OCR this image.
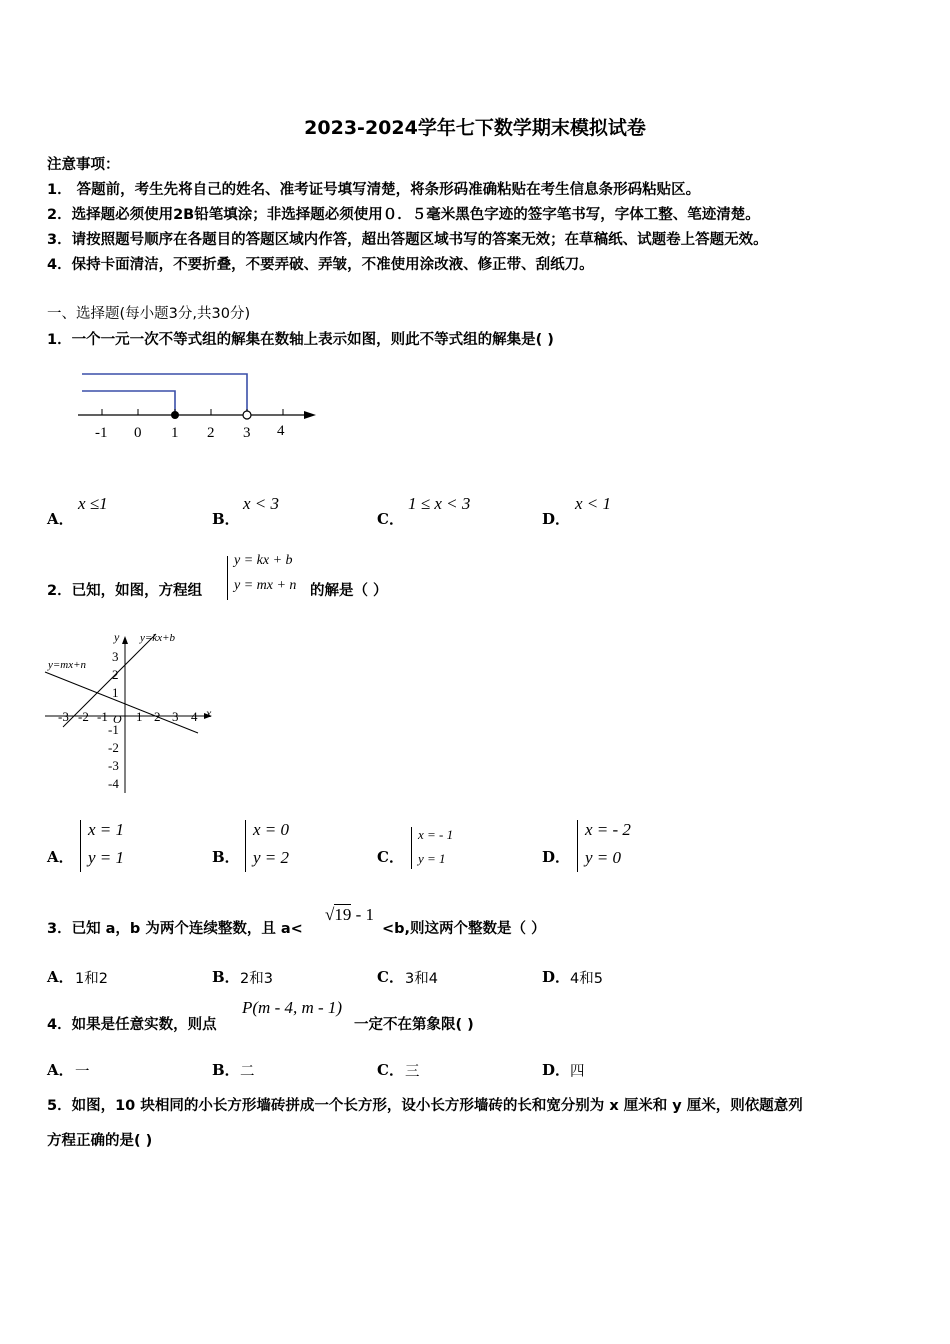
2023-2024学年七下数学期末模拟试卷
注意事项：
1． 答题前，考生先将自己的姓名、准考证号填写清楚，将条形码准确粘贴在考生信息条形码粘贴区。
2．选择题必须使用2B铅笔填涂；非选择题必须使用０．５毫米黑色字迹的签字笔书写，字体工整、笔迹清楚。
3．请按照题号顺序在各题目的答题区域内作答，超出答题区域书写的答案无效；在草稿纸、试题卷上答题无效。
4．保持卡面清洁，不要折叠，不要弄破、弄皱，不准使用涂改液、修正带、刮纸刀。
一、选择题(每小题3分,共30分)
1．一个一元一次不等式组的解集在数轴上表示如图，则此不等式组的解集是( )
-1 0 1 2 3 4
A．
x ≤1
B．
x < 3
C．
1 ≤ x < 3
D．
x < 1
2．已知，如图，方程组
y = kx + b
y = mx + n 的解是（ ）
x
y
O
y=kx+b
y=mx+n
-3 -2 -1 1 2 3 4
3
2
1
-1
-2
-3
-4
A．
x = 1
y = 1	B．
x = 0
y = 2	C．
x = - 1
y = 1	D．
x = - 2
y = 0
3．已知 a，b 为两个连续整数，且 a<
√19 - 1
<b,则这两个整数是（ ）
A． 1和2	B． 2和3	C． 3和4	D． 4和5
4．如果是任意实数，则点
P(m - 4, m - 1)
一定不在第象限( )
A． 一	B． 二	C． 三	D． 四
5．如图，10 块相同的小长方形墙砖拼成一个长方形，设小长方形墙砖的长和宽分别为 x 厘米和 y 厘米，则依题意列
方程正确的是( )
